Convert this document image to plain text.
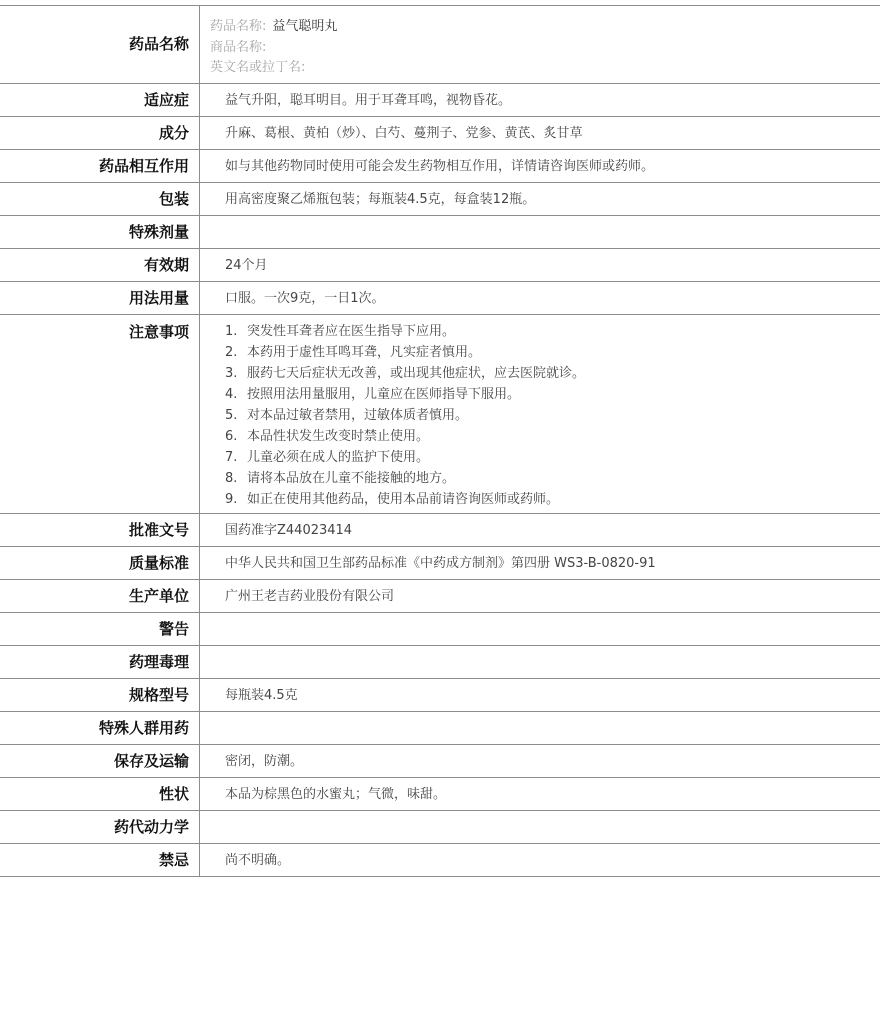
药品名称
药品名称: 益气聪明丸
商品名称:
英文名或拉丁名:
适应症	益气升阳，聪耳明目。用于耳聋耳鸣，视物昏花。
成分	升麻、葛根、黄柏（炒）、白芍、蔓荆子、党参、黄芪、炙甘草
药品相互作用	如与其他药物同时使用可能会发生药物相互作用，详情请咨询医师或药师。
包装	用高密度聚乙烯瓶包装；每瓶装4.5克，每盒装12瓶。
特殊剂量
有效期	24个月
用法用量	口服。一次9克，一日1次。
注意事项	1. 突发性耳聋者应在医生指导下应用。
2. 本药用于虚性耳鸣耳聋，凡实症者慎用。
3. 服药七天后症状无改善，或出现其他症状，应去医院就诊。
4. 按照用法用量服用，儿童应在医师指导下服用。
5. 对本品过敏者禁用，过敏体质者慎用。
6. 本品性状发生改变时禁止使用。
7. 儿童必须在成人的监护下使用。
8. 请将本品放在儿童不能接触的地方。
9. 如正在使用其他药品，使用本品前请咨询医师或药师。
批准文号	国药准字Z44023414
质量标准	中华人民共和国卫生部药品标准《中药成方制剂》第四册 WS3-B-0820-91
生产单位	广州王老吉药业股份有限公司
警告
药理毒理
规格型号	每瓶装4.5克
特殊人群用药
保存及运输	密闭，防潮。
性状	本品为棕黑色的水蜜丸；气微，味甜。
药代动力学
禁忌	尚不明确。
